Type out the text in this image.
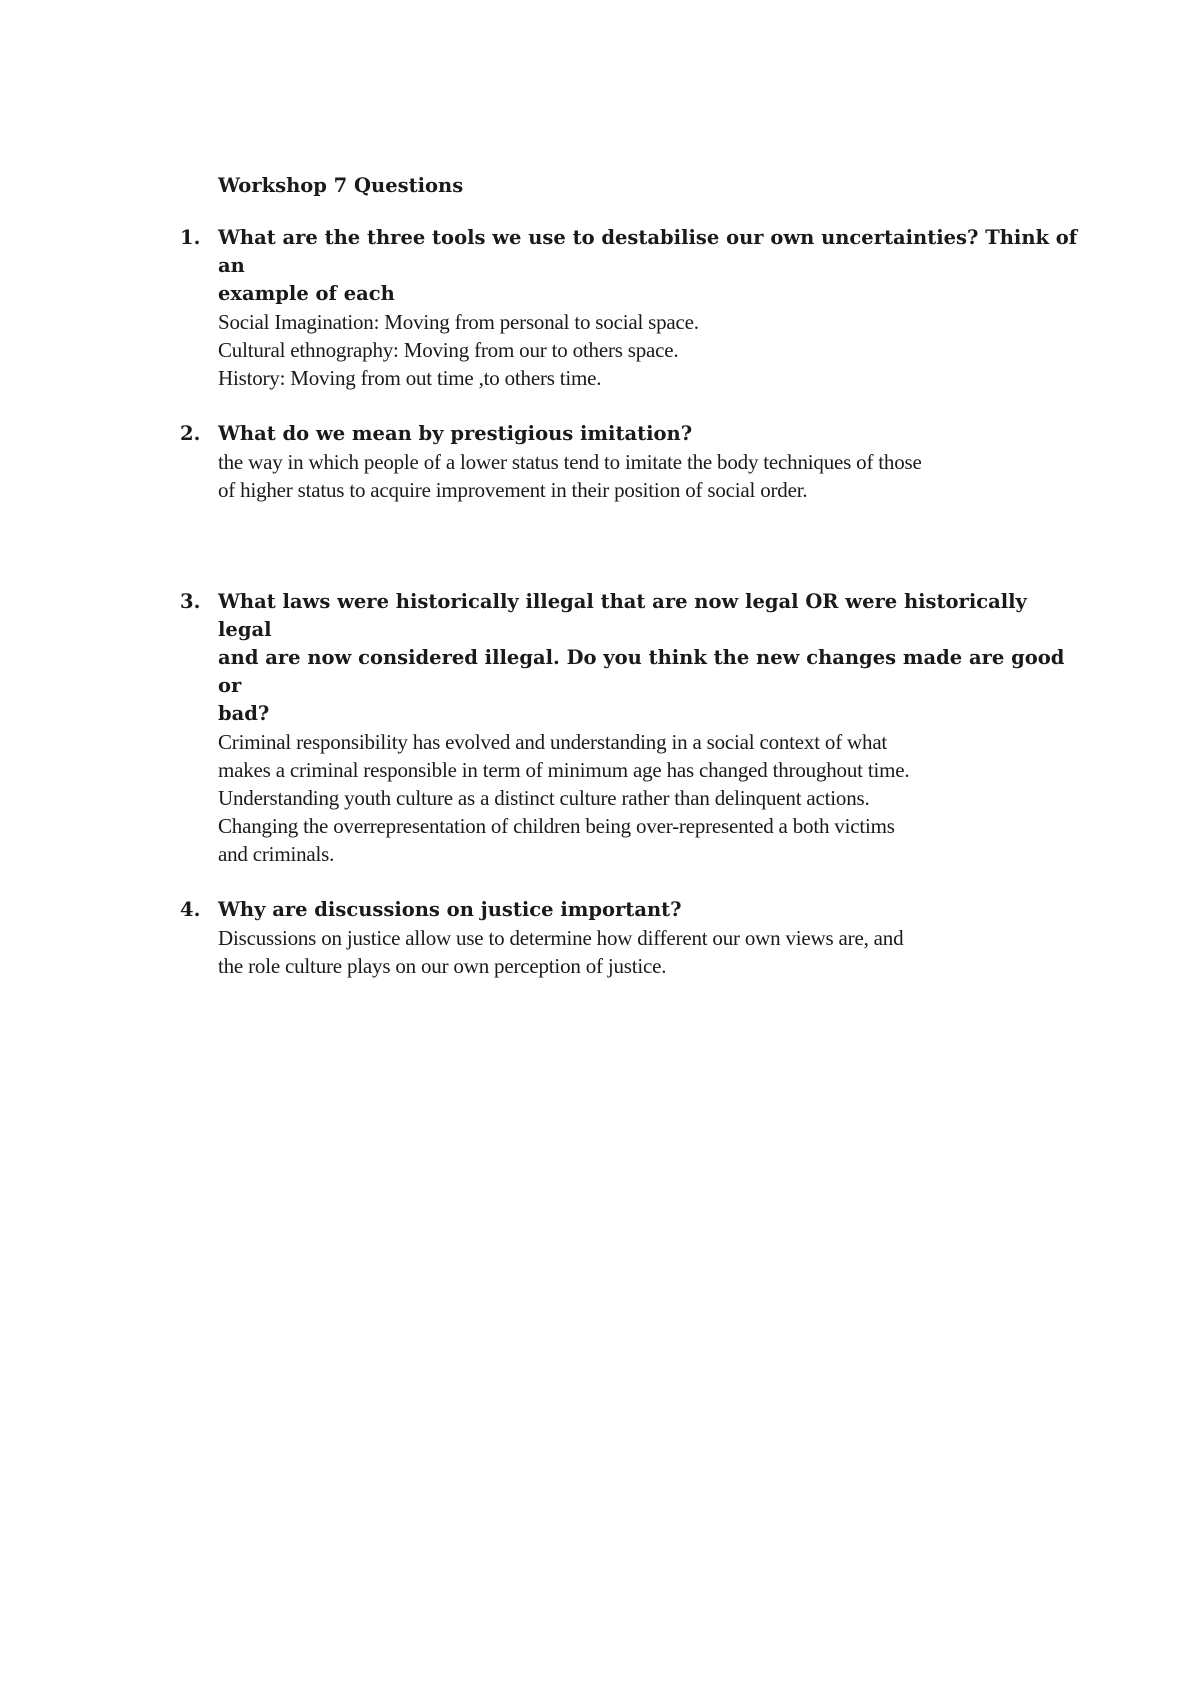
Workshop 7 Questions

1. What are the three tools we use to destabilise our own uncertainties? Think of an

example of each

Social Imagination: Moving from personal to social space.

Cultural ethnography: Moving from our to others space.

History: Moving from out time ,to others time.

2. What do we mean by prestigious imitation?

the way in which people of a lower status tend to imitate the body techniques of those

of higher status to acquire improvement in their position of social order.

3. What laws were historically illegal that are now legal OR were historically legal

and are now considered illegal. Do you think the new changes made are good or

bad?

Criminal responsibility has evolved and understanding in a social context of what

makes a criminal responsible in term of minimum age has changed throughout time.

Understanding youth culture as a distinct culture rather than delinquent actions.

Changing the overrepresentation of children being over-represented a both victims

and criminals.

4. Why are discussions on justice important?

Discussions on justice allow use to determine how different our own views are, and

the role culture plays on our own perception of justice.
